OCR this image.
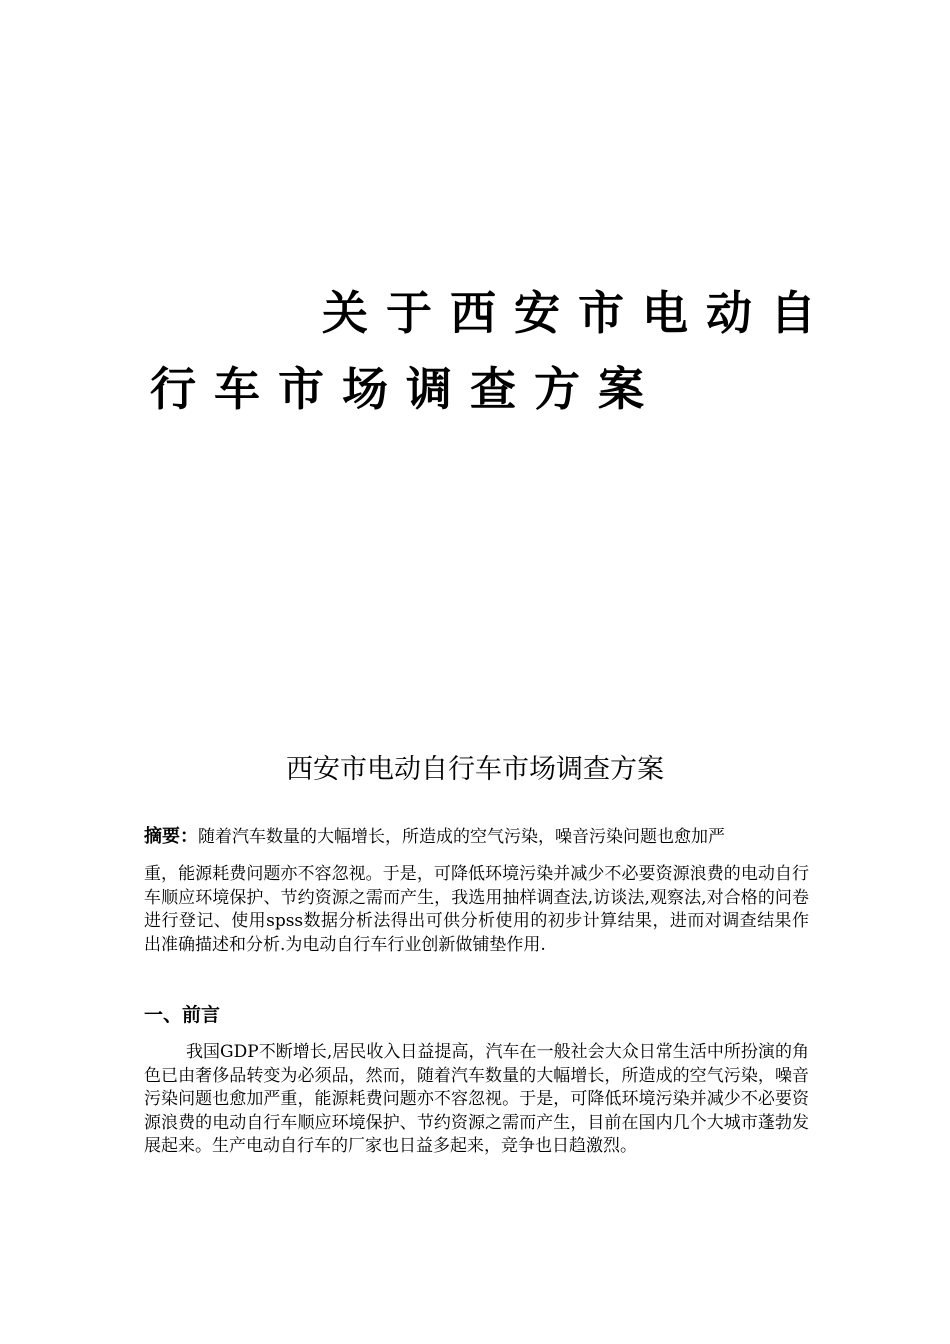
关于西安市电动自
行车市场调查方案
西安市电动自行车市场调查方案
摘要：随着汽车数量的大幅增长，所造成的空气污染，噪音污染问题也愈加严
重，能源耗费问题亦不容忽视。于是，可降低环境污染并减少不必要资源浪费的电动自行车顺应环境保护、节约资源之需而产生，我选用抽样调查法,访谈法,观察法,对合格的问卷进行登记、使用spss数据分析法得出可供分析使用的初步计算结果，进而对调查结果作出准确描述和分析.为电动自行车行业创新做铺垫作用.
一、前言
我国GDP不断增长,居民收入日益提高，汽车在一般社会大众日常生活中所扮演的角色已由奢侈品转变为必须品，然而，随着汽车数量的大幅增长，所造成的空气污染，噪音污染问题也愈加严重，能源耗费问题亦不容忽视。于是，可降低环境污染并减少不必要资源浪费的电动自行车顺应环境保护、节约资源之需而产生，目前在国内几个大城市蓬勃发展起来。生产电动自行车的厂家也日益多起来，竞争也日趋激烈。
